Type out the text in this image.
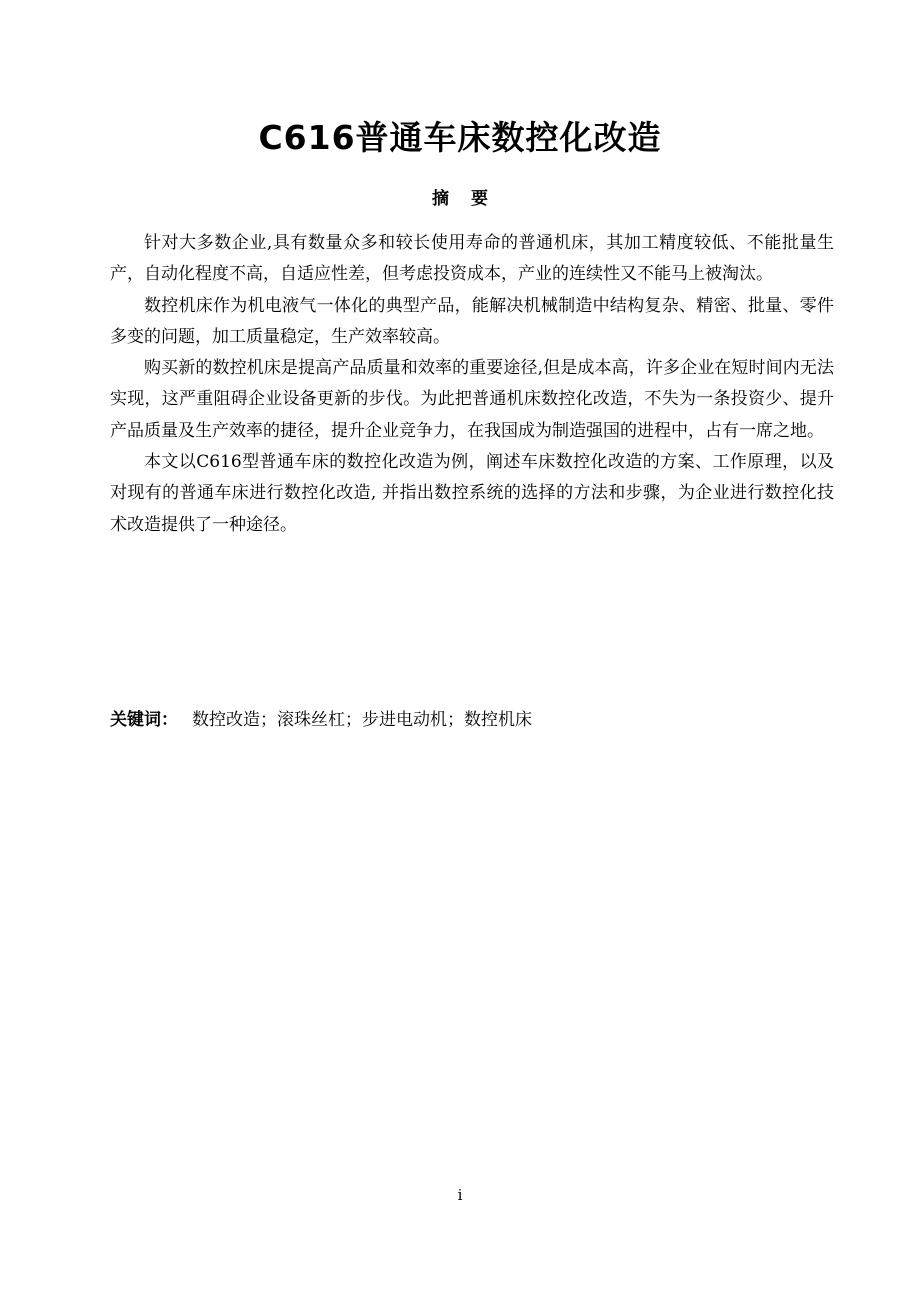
C616普通车床数控化改造
摘要

针对大多数企业,具有数量众多和较长使用寿命的普通机床，其加工精度较低、不能批量生产，自动化程度不高，自适应性差，但考虑投资成本，产业的连续性又不能马上被淘汰。

数控机床作为机电液气一体化的典型产品，能解决机械制造中结构复杂、精密、批量、零件多变的问题，加工质量稳定，生产效率较高。

购买新的数控机床是提高产品质量和效率的重要途径,但是成本高，许多企业在短时间内无法实现，这严重阻碍企业设备更新的步伐。为此把普通机床数控化改造，不失为一条投资少、提升产品质量及生产效率的捷径，提升企业竞争力，在我国成为制造强国的进程中，占有一席之地。

本文以C616型普通车床的数控化改造为例，阐述车床数控化改造的方案、工作原理，以及对现有的普通车床进行数控化改造, 并指出数控系统的选择的方法和步骤，为企业进行数控化技术改造提供了一种途径。

关键词： 数控改造；滚珠丝杠；步进电动机；数控机床
i
